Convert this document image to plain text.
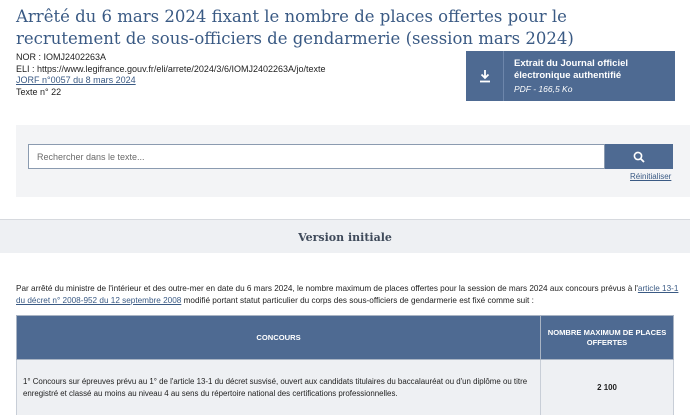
Arrêté du 6 mars 2024 fixant le nombre de places offertes pour le recrutement de sous-officiers de gendarmerie (session mars 2024)
NOR : IOMJ2402263A
ELI : https://www.legifrance.gouv.fr/eli/arrete/2024/3/6/IOMJ2402263A/jo/texte
JORF n°0057 du 8 mars 2024
Texte n° 22
Extrait du Journal officiel
électronique authentifié
PDF - 166,5 Ko
Rechercher dans le texte...
Réinitialiser
Version initiale

Par arrêté du ministre de l'intérieur et des outre-mer en date du 6 mars 2024, le nombre maximum de places offertes pour la session de mars 2024 aux concours prévus à l'article 13-1 du décret n° 2008-952 du 12 septembre 2008 modifié portant statut particulier du corps des sous-officiers de gendarmerie est fixé comme suit :

CONCOURS	NOMBRE MAXIMUM DE PLACES OFFERTES
1° Concours sur épreuves prévu au 1° de l'article 13-1 du décret susvisé, ouvert aux candidats titulaires du baccalauréat ou d'un diplôme ou titre enregistré et classé au moins au niveau 4 au sens du répertoire national des certifications professionnelles.	2 100
